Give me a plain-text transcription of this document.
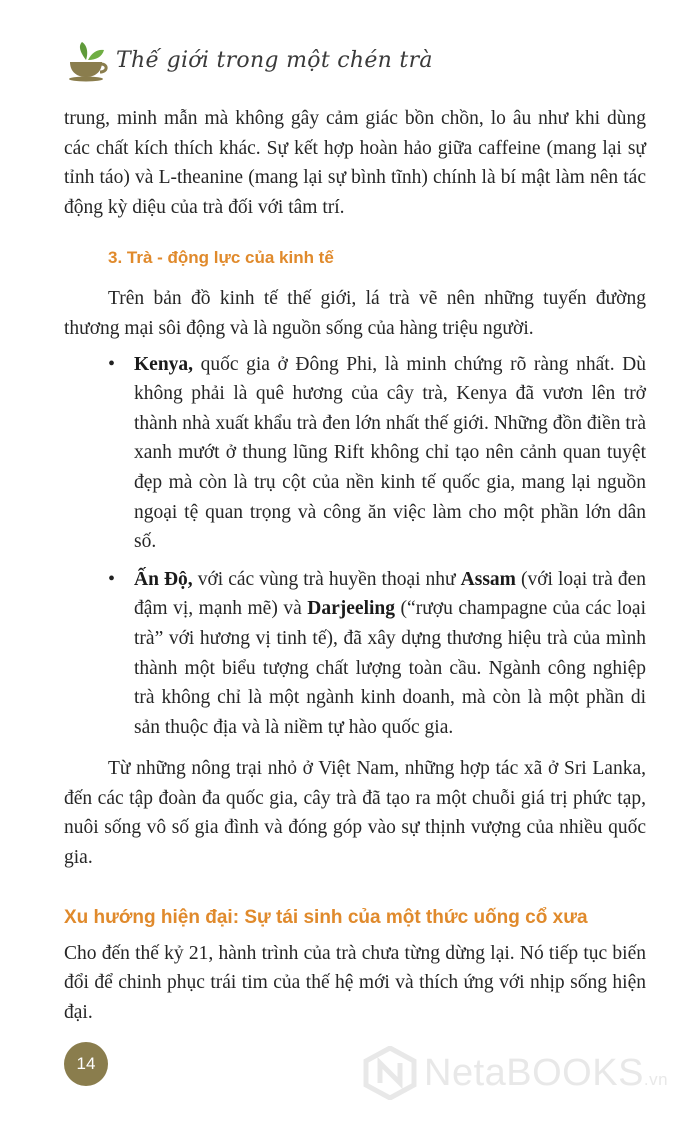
Thế giới trong một chén trà

trung, minh mẫn mà không gây cảm giác bồn chồn, lo âu như khi dùng các chất kích thích khác. Sự kết hợp hoàn hảo giữa caffeine (mang lại sự tỉnh táo) và L-theanine (mang lại sự bình tĩnh) chính là bí mật làm nên tác động kỳ diệu của trà đối với tâm trí.

3. Trà - động lực của kinh tế

Trên bản đồ kinh tế thế giới, lá trà vẽ nên những tuyến đường thương mại sôi động và là nguồn sống của hàng triệu người.

• Kenya, quốc gia ở Đông Phi, là minh chứng rõ ràng nhất. Dù không phải là quê hương của cây trà, Kenya đã vươn lên trở thành nhà xuất khẩu trà đen lớn nhất thế giới. Những đồn điền trà xanh mướt ở thung lũng Rift không chỉ tạo nên cảnh quan tuyệt đẹp mà còn là trụ cột của nền kinh tế quốc gia, mang lại nguồn ngoại tệ quan trọng và công ăn việc làm cho một phần lớn dân số.

• Ấn Độ, với các vùng trà huyền thoại như Assam (với loại trà đen đậm vị, mạnh mẽ) và Darjeeling (“rượu champagne của các loại trà” với hương vị tinh tế), đã xây dựng thương hiệu trà của mình thành một biểu tượng chất lượng toàn cầu. Ngành công nghiệp trà không chỉ là một ngành kinh doanh, mà còn là một phần di sản thuộc địa và là niềm tự hào quốc gia.

Từ những nông trại nhỏ ở Việt Nam, những hợp tác xã ở Sri Lanka, đến các tập đoàn đa quốc gia, cây trà đã tạo ra một chuỗi giá trị phức tạp, nuôi sống vô số gia đình và đóng góp vào sự thịnh vượng của nhiều quốc gia.

Xu hướng hiện đại: Sự tái sinh của một thức uống cổ xưa

Cho đến thế kỷ 21, hành trình của trà chưa từng dừng lại. Nó tiếp tục biến đổi để chinh phục trái tim của thế hệ mới và thích ứng với nhịp sống hiện đại.

14	NetaBOOKS.vn
